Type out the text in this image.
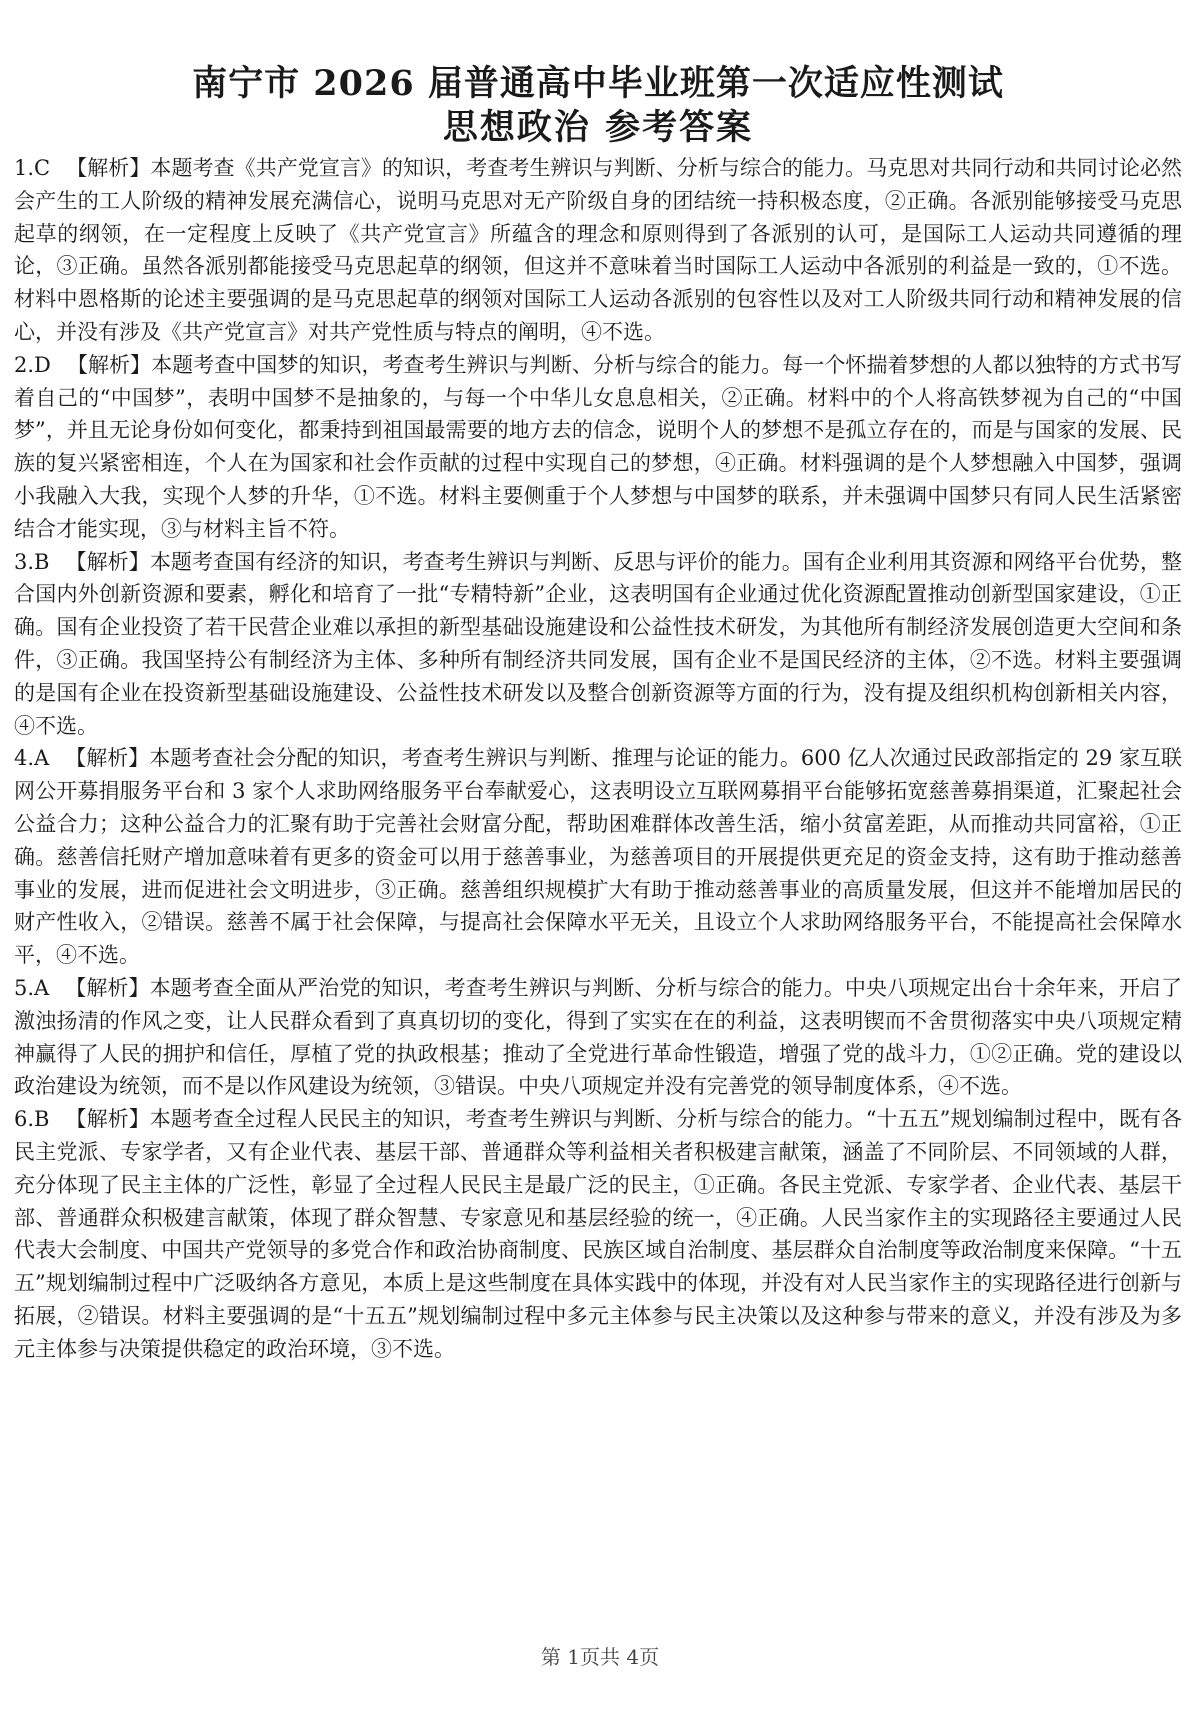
南宁市 2026 届普通高中毕业班第一次适应性测试
思想政治 参考答案

1.C 【解析】本题考查《共产党宣言》的知识，考查考生辨识与判断、分析与综合的能力。马克思对共同行动和共同讨论必然会产生的工人阶级的精神发展充满信心，说明马克思对无产阶级自身的团结统一持积极态度，②正确。各派别能够接受马克思起草的纲领，在一定程度上反映了《共产党宣言》所蕴含的理念和原则得到了各派别的认可，是国际工人运动共同遵循的理论，③正确。虽然各派别都能接受马克思起草的纲领，但这并不意味着当时国际工人运动中各派别的利益是一致的，①不选。材料中恩格斯的论述主要强调的是马克思起草的纲领对国际工人运动各派别的包容性以及对工人阶级共同行动和精神发展的信心，并没有涉及《共产党宣言》对共产党性质与特点的阐明，④不选。

2.D 【解析】本题考查中国梦的知识，考查考生辨识与判断、分析与综合的能力。每一个怀揣着梦想的人都以独特的方式书写着自己的“中国梦”，表明中国梦不是抽象的，与每一个中华儿女息息相关，②正确。材料中的个人将高铁梦视为自己的“中国梦”，并且无论身份如何变化，都秉持到祖国最需要的地方去的信念，说明个人的梦想不是孤立存在的，而是与国家的发展、民族的复兴紧密相连，个人在为国家和社会作贡献的过程中实现自己的梦想，④正确。材料强调的是个人梦想融入中国梦，强调小我融入大我，实现个人梦的升华，①不选。材料主要侧重于个人梦想与中国梦的联系，并未强调中国梦只有同人民生活紧密结合才能实现，③与材料主旨不符。

3.B 【解析】本题考查国有经济的知识，考查考生辨识与判断、反思与评价的能力。国有企业利用其资源和网络平台优势，整合国内外创新资源和要素，孵化和培育了一批“专精特新”企业，这表明国有企业通过优化资源配置推动创新型国家建设，①正确。国有企业投资了若干民营企业难以承担的新型基础设施建设和公益性技术研发，为其他所有制经济发展创造更大空间和条件，③正确。我国坚持公有制经济为主体、多种所有制经济共同发展，国有企业不是国民经济的主体，②不选。材料主要强调的是国有企业在投资新型基础设施建设、公益性技术研发以及整合创新资源等方面的行为，没有提及组织机构创新相关内容，④不选。

4.A 【解析】本题考查社会分配的知识，考查考生辨识与判断、推理与论证的能力。600 亿人次通过民政部指定的 29 家互联网公开募捐服务平台和 3 家个人求助网络服务平台奉献爱心，这表明设立互联网募捐平台能够拓宽慈善募捐渠道，汇聚起社会公益合力；这种公益合力的汇聚有助于完善社会财富分配，帮助困难群体改善生活，缩小贫富差距，从而推动共同富裕，①正确。慈善信托财产增加意味着有更多的资金可以用于慈善事业，为慈善项目的开展提供更充足的资金支持，这有助于推动慈善事业的发展，进而促进社会文明进步，③正确。慈善组织规模扩大有助于推动慈善事业的高质量发展，但这并不能增加居民的财产性收入，②错误。慈善不属于社会保障，与提高社会保障水平无关，且设立个人求助网络服务平台，不能提高社会保障水平，④不选。

5.A 【解析】本题考查全面从严治党的知识，考查考生辨识与判断、分析与综合的能力。中央八项规定出台十余年来，开启了激浊扬清的作风之变，让人民群众看到了真真切切的变化，得到了实实在在的利益，这表明锲而不舍贯彻落实中央八项规定精神赢得了人民的拥护和信任，厚植了党的执政根基；推动了全党进行革命性锻造，增强了党的战斗力，①②正确。党的建设以政治建设为统领，而不是以作风建设为统领，③错误。中央八项规定并没有完善党的领导制度体系，④不选。

6.B 【解析】本题考查全过程人民民主的知识，考查考生辨识与判断、分析与综合的能力。“十五五”规划编制过程中，既有各民主党派、专家学者，又有企业代表、基层干部、普通群众等利益相关者积极建言献策，涵盖了不同阶层、不同领域的人群，充分体现了民主主体的广泛性，彰显了全过程人民民主是最广泛的民主，①正确。各民主党派、专家学者、企业代表、基层干部、普通群众积极建言献策，体现了群众智慧、专家意见和基层经验的统一，④正确。人民当家作主的实现路径主要通过人民代表大会制度、中国共产党领导的多党合作和政治协商制度、民族区域自治制度、基层群众自治制度等政治制度来保障。“十五五”规划编制过程中广泛吸纳各方意见，本质上是这些制度在具体实践中的体现，并没有对人民当家作主的实现路径进行创新与拓展，②错误。材料主要强调的是“十五五”规划编制过程中多元主体参与民主决策以及这种参与带来的意义，并没有涉及为多元主体参与决策提供稳定的政治环境，③不选。

第 1页共 4页
